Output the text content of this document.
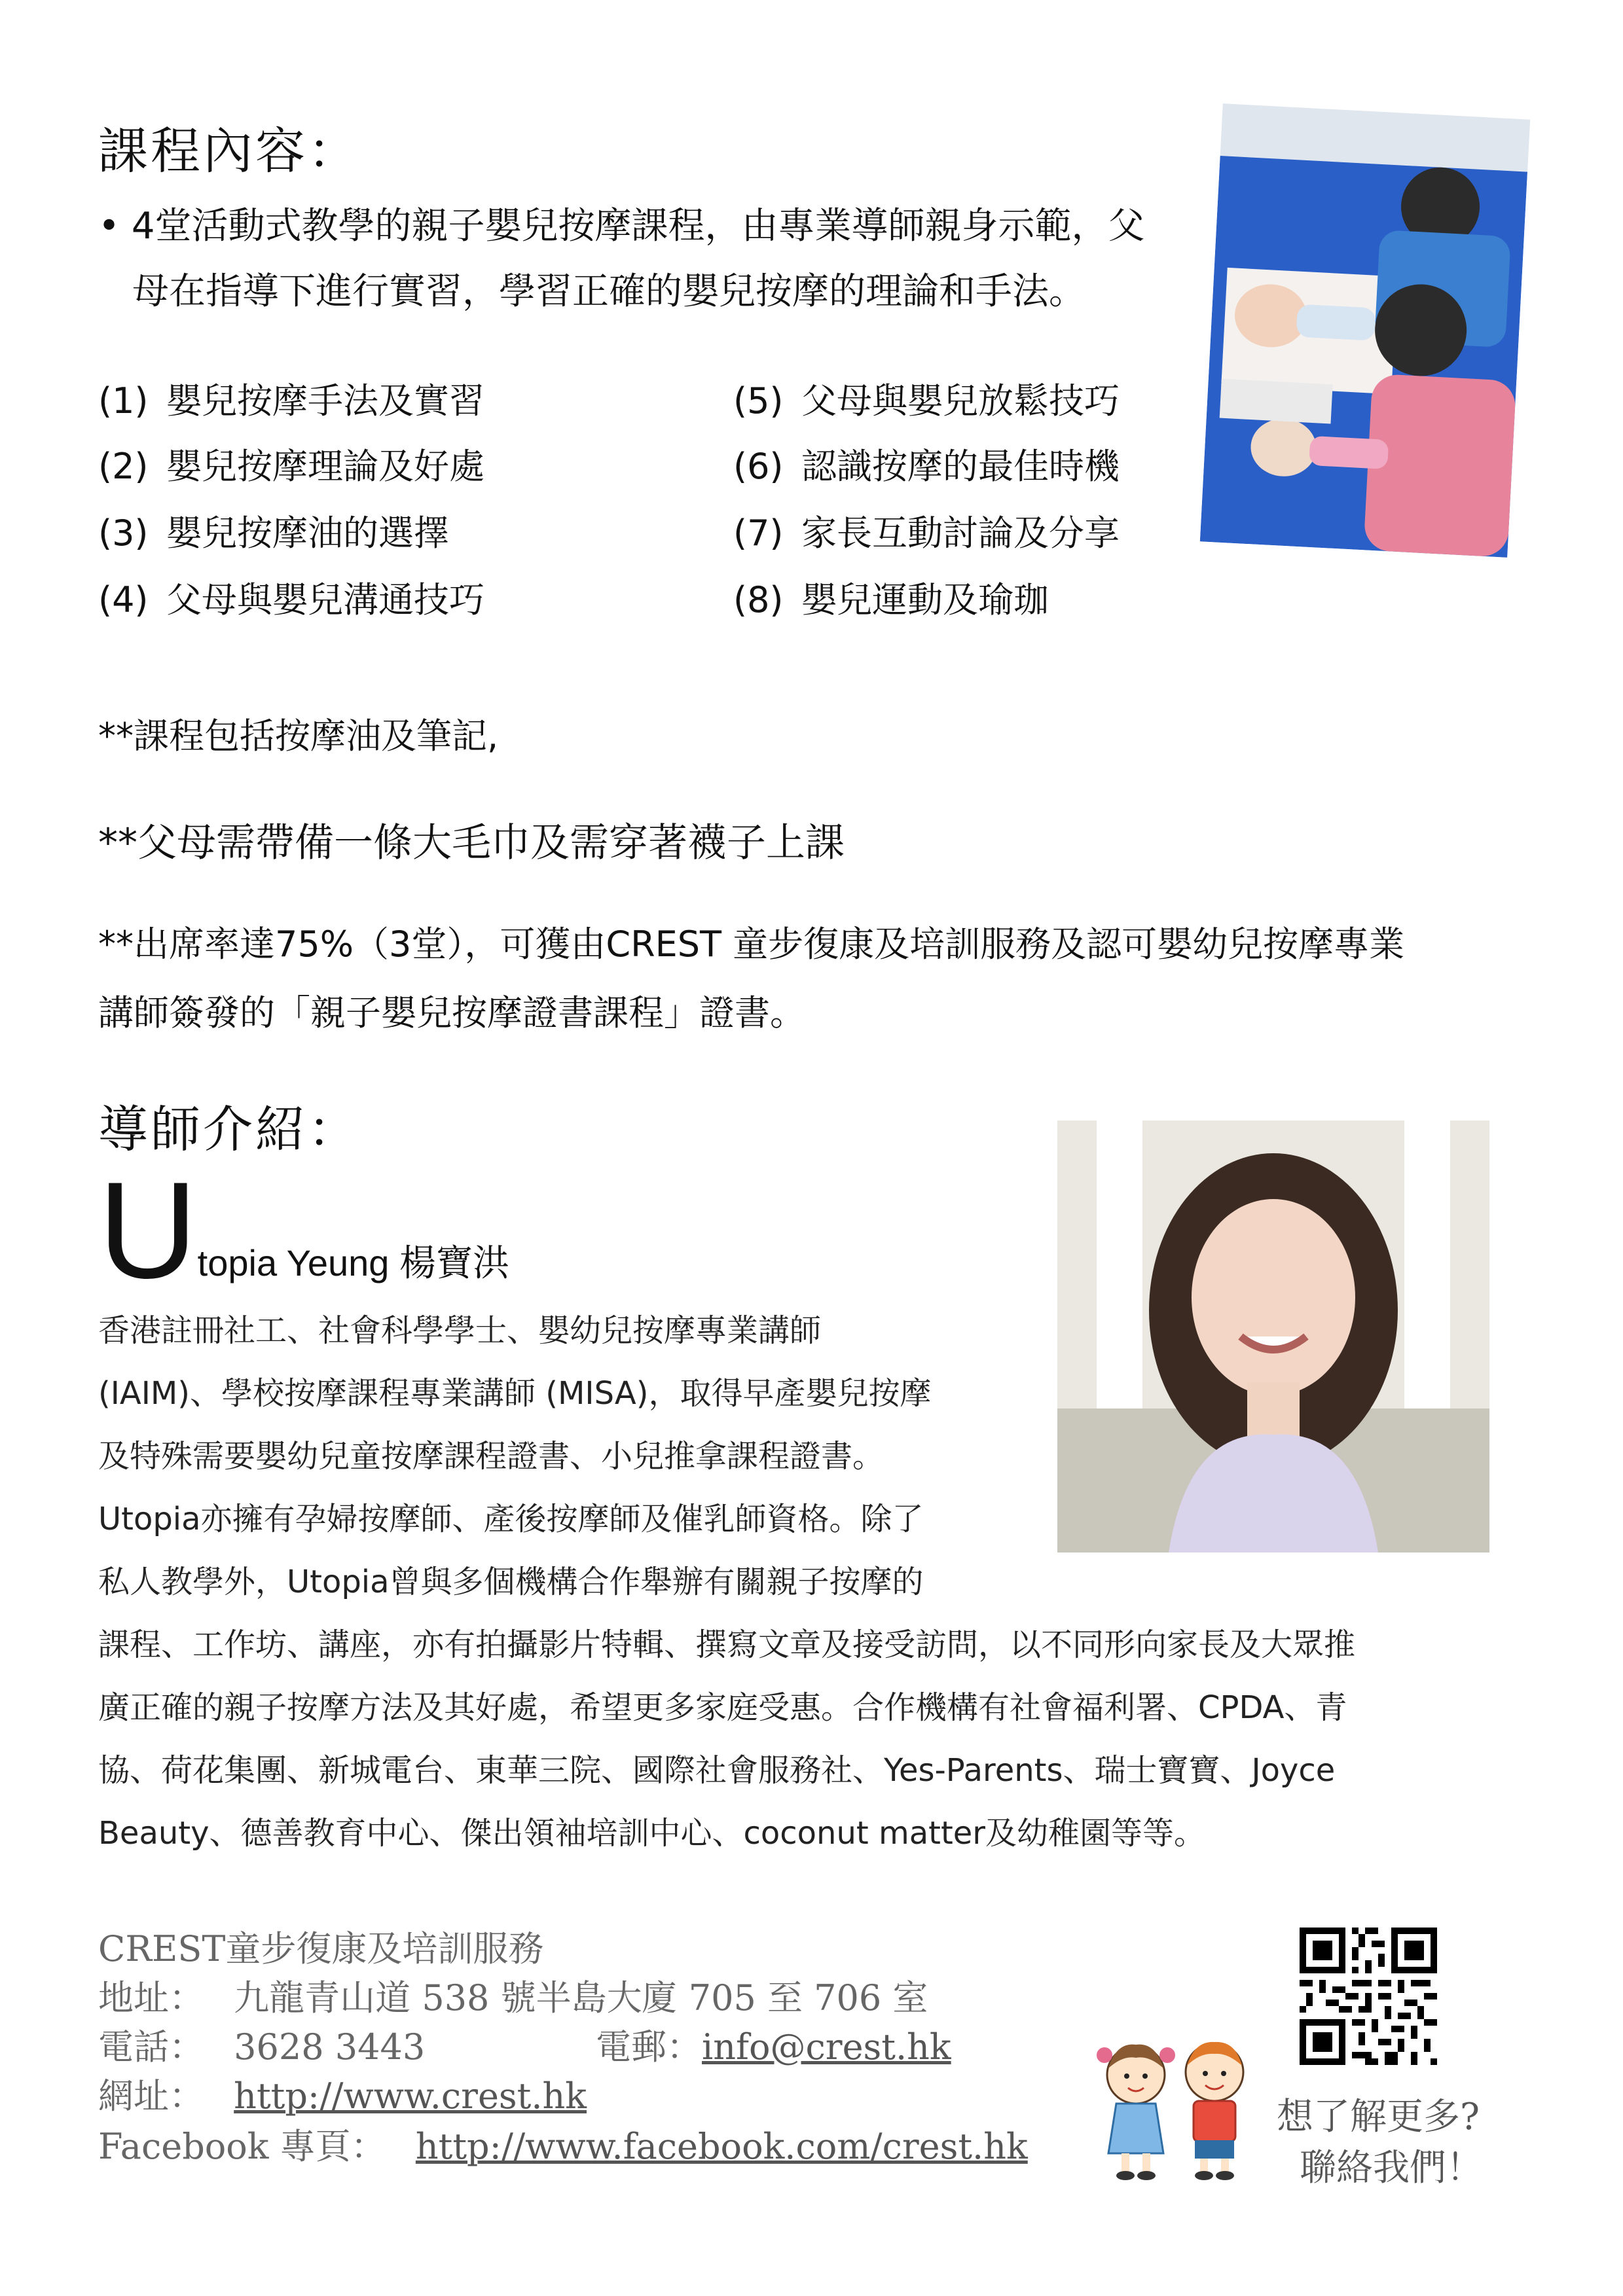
課程內容：
• 4堂活動式教學的親子嬰兒按摩課程，由專業導師親身示範，父
母在指導下進行實習，學習正確的嬰兒按摩的理論和手法。
(1) 嬰兒按摩手法及實習
(2) 嬰兒按摩理論及好處
(3) 嬰兒按摩油的選擇
(4) 父母與嬰兒溝通技巧
(5) 父母與嬰兒放鬆技巧
(6) 認識按摩的最佳時機
(7) 家長互動討論及分享
(8) 嬰兒運動及瑜珈
**課程包括按摩油及筆記,
**父母需帶備一條大毛巾及需穿著襪子上課
**出席率達75%（3堂），可獲由CREST 童步復康及培訓服務及認可嬰幼兒按摩專業
講師簽發的「親子嬰兒按摩證書課程」證書。
導師介紹：
Utopia Yeung 楊寶洪
香港註冊社工、社會科學學士、嬰幼兒按摩專業講師
(IAIM)、學校按摩課程專業講師 (MISA)，取得早產嬰兒按摩
及特殊需要嬰幼兒童按摩課程證書、小兒推拿課程證書。
Utopia亦擁有孕婦按摩師、產後按摩師及催乳師資格。除了
私人教學外，Utopia曾與多個機構合作舉辦有關親子按摩的
課程、工作坊、講座，亦有拍攝影片特輯、撰寫文章及接受訪問，以不同形向家長及大眾推
廣正確的親子按摩方法及其好處，希望更多家庭受惠。合作機構有社會福利署、CPDA、青
協、荷花集團、新城電台、東華三院、國際社會服務社、Yes-Parents、瑞士寶寶、Joyce
Beauty、德善教育中心、傑出領袖培訓中心、coconut matter及幼稚園等等。
CREST童步復康及培訓服務
地址： 九龍青山道 538 號半島大廈 705 至 706 室
電話： 3628 3443	電郵：info@crest.hk
網址： http://www.crest.hk
Facebook 專頁： http://www.facebook.com/crest.hk
想了解更多?
聯絡我們！
